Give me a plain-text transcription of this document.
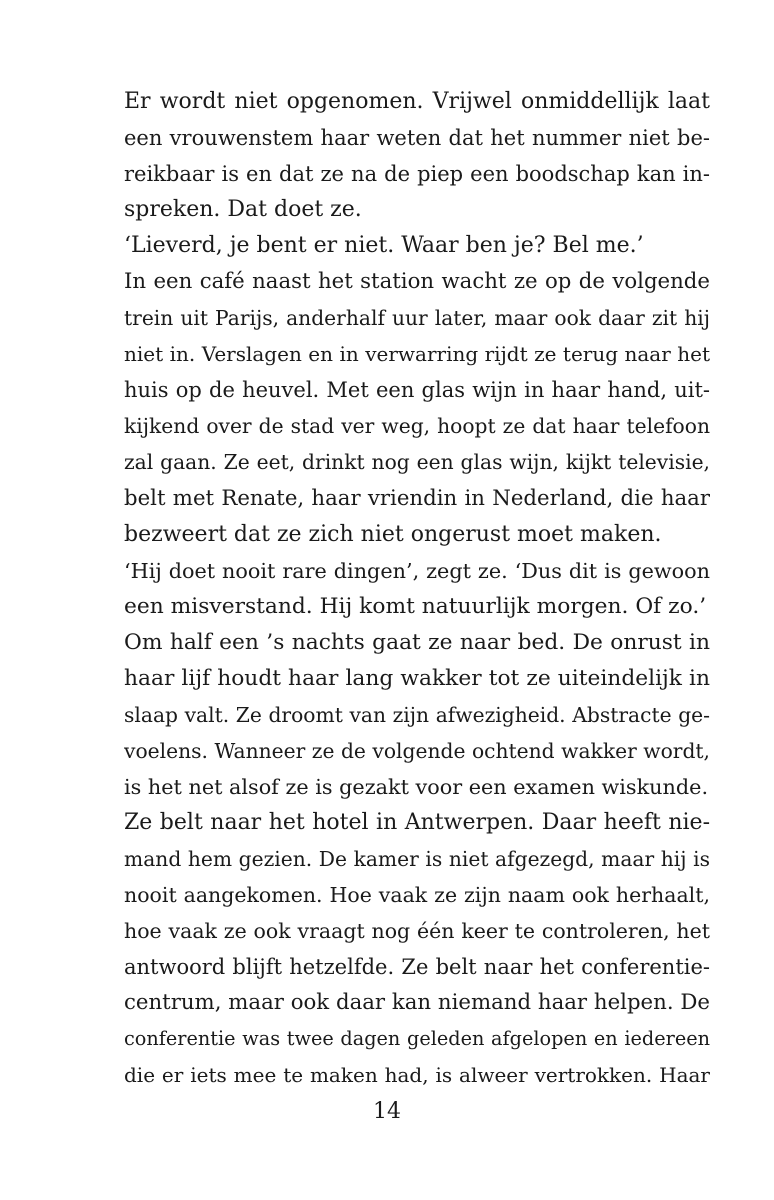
Er wordt niet opgenomen. Vrijwel onmiddellijk laat
een vrouwenstem haar weten dat het nummer niet be-
reikbaar is en dat ze na de piep een boodschap kan in-
spreken. Dat doet ze.
‘Lieverd, je bent er niet. Waar ben je? Bel me.’
In een café naast het station wacht ze op de volgende
trein uit Parijs, anderhalf uur later, maar ook daar zit hij
niet in. Verslagen en in verwarring rijdt ze terug naar het
huis op de heuvel. Met een glas wijn in haar hand, uit-
kijkend over de stad ver weg, hoopt ze dat haar telefoon
zal gaan. Ze eet, drinkt nog een glas wijn, kijkt televisie,
belt met Renate, haar vriendin in Nederland, die haar
bezweert dat ze zich niet ongerust moet maken.
‘Hij doet nooit rare dingen’, zegt ze. ‘Dus dit is gewoon
een misverstand. Hij komt natuurlijk morgen. Of zo.’
Om half een ’s nachts gaat ze naar bed. De onrust in
haar lijf houdt haar lang wakker tot ze uiteindelijk in
slaap valt. Ze droomt van zijn afwezigheid. Abstracte ge-
voelens. Wanneer ze de volgende ochtend wakker wordt,
is het net alsof ze is gezakt voor een examen wiskunde.
Ze belt naar het hotel in Antwerpen. Daar heeft nie-
mand hem gezien. De kamer is niet afgezegd, maar hij is
nooit aangekomen. Hoe vaak ze zijn naam ook herhaalt,
hoe vaak ze ook vraagt nog één keer te controleren, het
antwoord blijft hetzelfde. Ze belt naar het conferentie-
centrum, maar ook daar kan niemand haar helpen. De
conferentie was twee dagen geleden afgelopen en iedereen
die er iets mee te maken had, is alweer vertrokken. Haar
14
